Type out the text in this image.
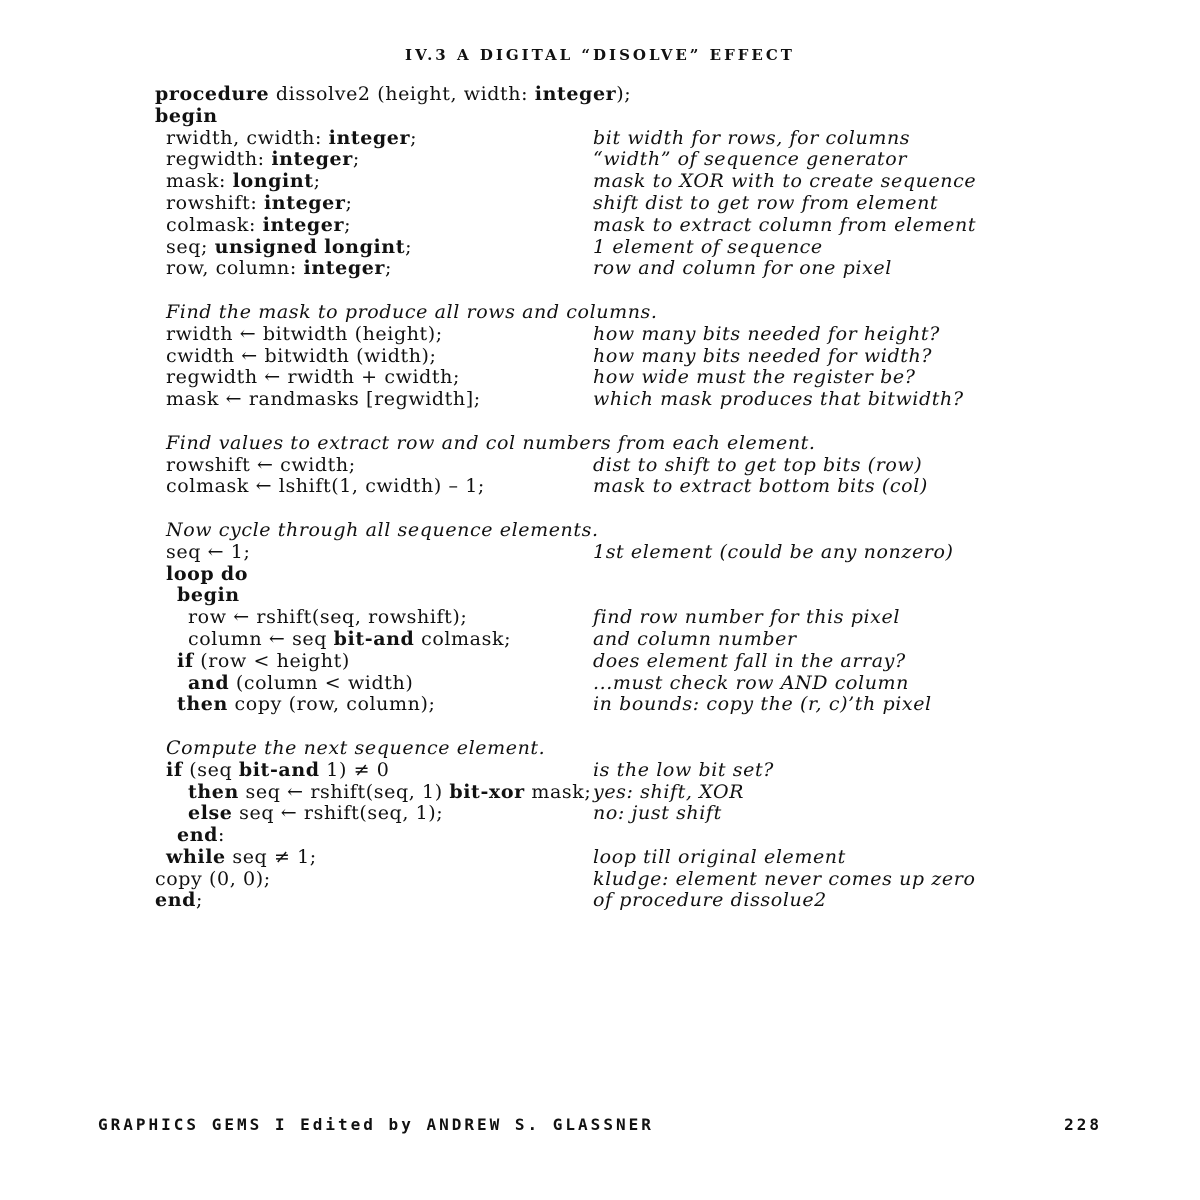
IV.3 A DIGITAL “DISOLVE” EFFECT
procedure dissolve2 (height, width: integer);
begin
rwidth, cwidth: integer;	bit width for rows, for columns
regwidth: integer;	“width” of sequence generator
mask: longint;	mask to XOR with to create sequence
rowshift: integer;	shift dist to get row from element
colmask: integer;	mask to extract column from element
seq; unsigned longint;	1 element of sequence
row, column: integer;	row and column for one pixel
Find the mask to produce all rows and columns.
rwidth ← bitwidth (height);	how many bits needed for height?
cwidth ← bitwidth (width);	how many bits needed for width?
regwidth ← rwidth + cwidth;	how wide must the register be?
mask ← randmasks [regwidth];	which mask produces that bitwidth?
Find values to extract row and col numbers from each element.
rowshift ← cwidth;	dist to shift to get top bits (row)
colmask ← lshift(1, cwidth) – 1;	mask to extract bottom bits (col)
Now cycle through all sequence elements.
seq ← 1;	1st element (could be any nonzero)
loop do
begin
row ← rshift(seq, rowshift);	find row number for this pixel
column ← seq bit-and colmask;	and column number
if (row < height)	does element fall in the array?
and (column < width)	...must check row AND column
then copy (row, column);	in bounds: copy the (r, c)’th pixel
Compute the next sequence element.
if (seq bit-and 1) ≠ 0	is the low bit set?
then seq ← rshift(seq, 1) bit-xor mask; yes: shift, XOR
else seq ← rshift(seq, 1);	no: just shift
end:
while seq ≠ 1;	loop till original element
copy (0, 0);	kludge: element never comes up zero
end;	of procedure dissolue2
GRAPHICS GEMS I Edited by ANDREW S. GLASSNER	228
